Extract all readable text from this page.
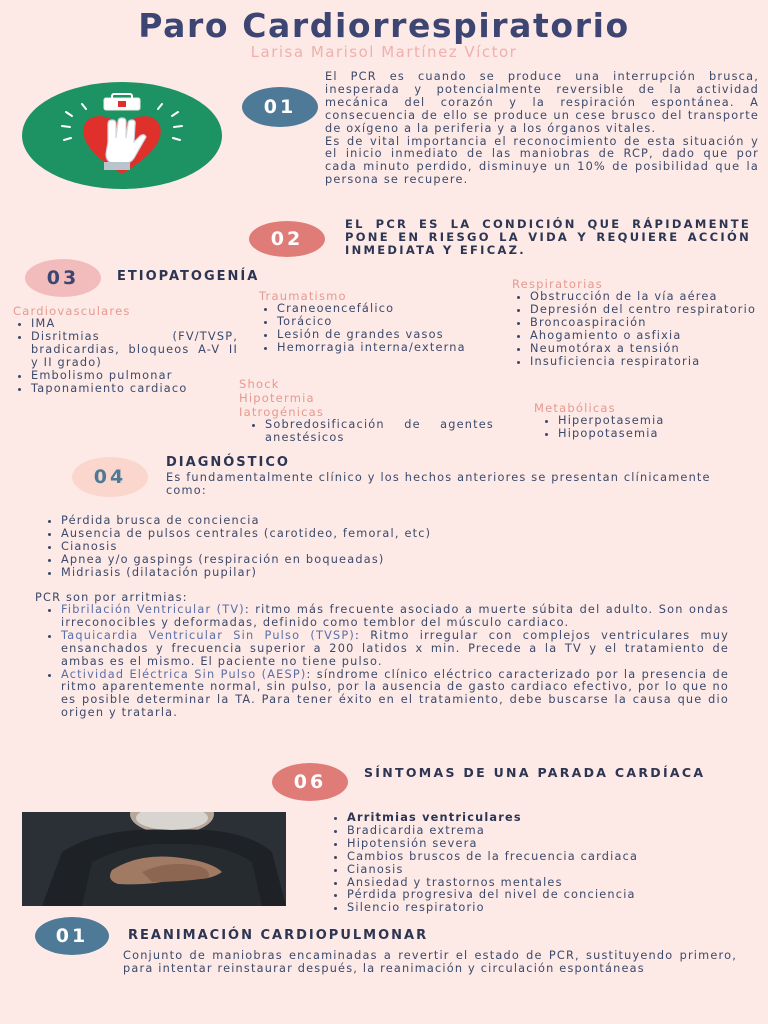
Paro Cardiorrespiratorio
Larisa Marisol Martínez Víctor
01
El PCR es cuando se produce una interrupción brusca, inesperada y potencialmente reversible de la actividad mecánica del corazón y la respiración espontánea. A consecuencia de ello se produce un cese brusco del transporte de oxígeno a la periferia y a los órganos vitales.
Es de vital importancia el reconocimiento de esta situación y el inicio inmediato de las maniobras de RCP, dado que por cada minuto perdido, disminuye un 10% de posibilidad que la persona se recupere.
02
EL PCR ES LA CONDICIÓN QUE RÁPIDAMENTE PONE EN RIESGO LA VIDA Y REQUIERE ACCIÓN INMEDIATA Y EFICAZ.
03	ETIOPATOGENÍA
Cardiovasculares
• IMA
• Disritmias (FV/TVSP, bradicardias, bloqueos A-V II y II grado)
• Embolismo pulmonar
• Taponamiento cardiaco
Traumatismo
• Craneoencefálico
• Torácico
• Lesión de grandes vasos
• Hemorragia interna/externa
Shock
Hipotermia
Iatrogénicas
• Sobredosificación de agentes anestésicos
Respiratorias
• Obstrucción de la vía aérea
• Depresión del centro respiratorio
• Broncoaspiración
• Ahogamiento o asfixia
• Neumotórax a tensión
• Insuficiencia respiratoria
Metabólicas
• Hiperpotasemia
• Hipopotasemia
04
DIAGNÓSTICO
Es fundamentalmente clínico y los hechos anteriores se presentan clínicamente como:
• Pérdida brusca de conciencia
• Ausencia de pulsos centrales (carotideo, femoral, etc)
• Cianosis
• Apnea y/o gaspings (respiración en boqueadas)
• Midriasis (dilatación pupilar)
PCR son por arritmias:
• Fibrilación Ventricular (TV): ritmo más frecuente asociado a muerte súbita del adulto. Son ondas irreconocibles y deformadas, definido como temblor del músculo cardiaco.
• Taquicardia Ventricular Sin Pulso (TVSP): Ritmo irregular con complejos ventriculares muy ensanchados y frecuencia superior a 200 latidos x min. Precede a la TV y el tratamiento de ambas es el mismo. El paciente no tiene pulso.
• Actividad Eléctrica Sin Pulso (AESP): síndrome clínico eléctrico caracterizado por la presencia de ritmo aparentemente normal, sin pulso, por la ausencia de gasto cardiaco efectivo, por lo que no es posible determinar la TA. Para tener éxito en el tratamiento, debe buscarse la causa que dio origen y tratarla.
06	SÍNTOMAS DE UNA PARADA CARDÍACA
• Arritmias ventriculares
• Bradicardia extrema
• Hipotensión severa
• Cambios bruscos de la frecuencia cardiaca
• Cianosis
• Ansiedad y trastornos mentales
• Pérdida progresiva del nivel de conciencia
• Silencio respiratorio
01	REANIMACIÓN CARDIOPULMONAR
Conjunto de maniobras encaminadas a revertir el estado de PCR, sustituyendo primero, para intentar reinstaurar después, la reanimación y circulación espontáneas
